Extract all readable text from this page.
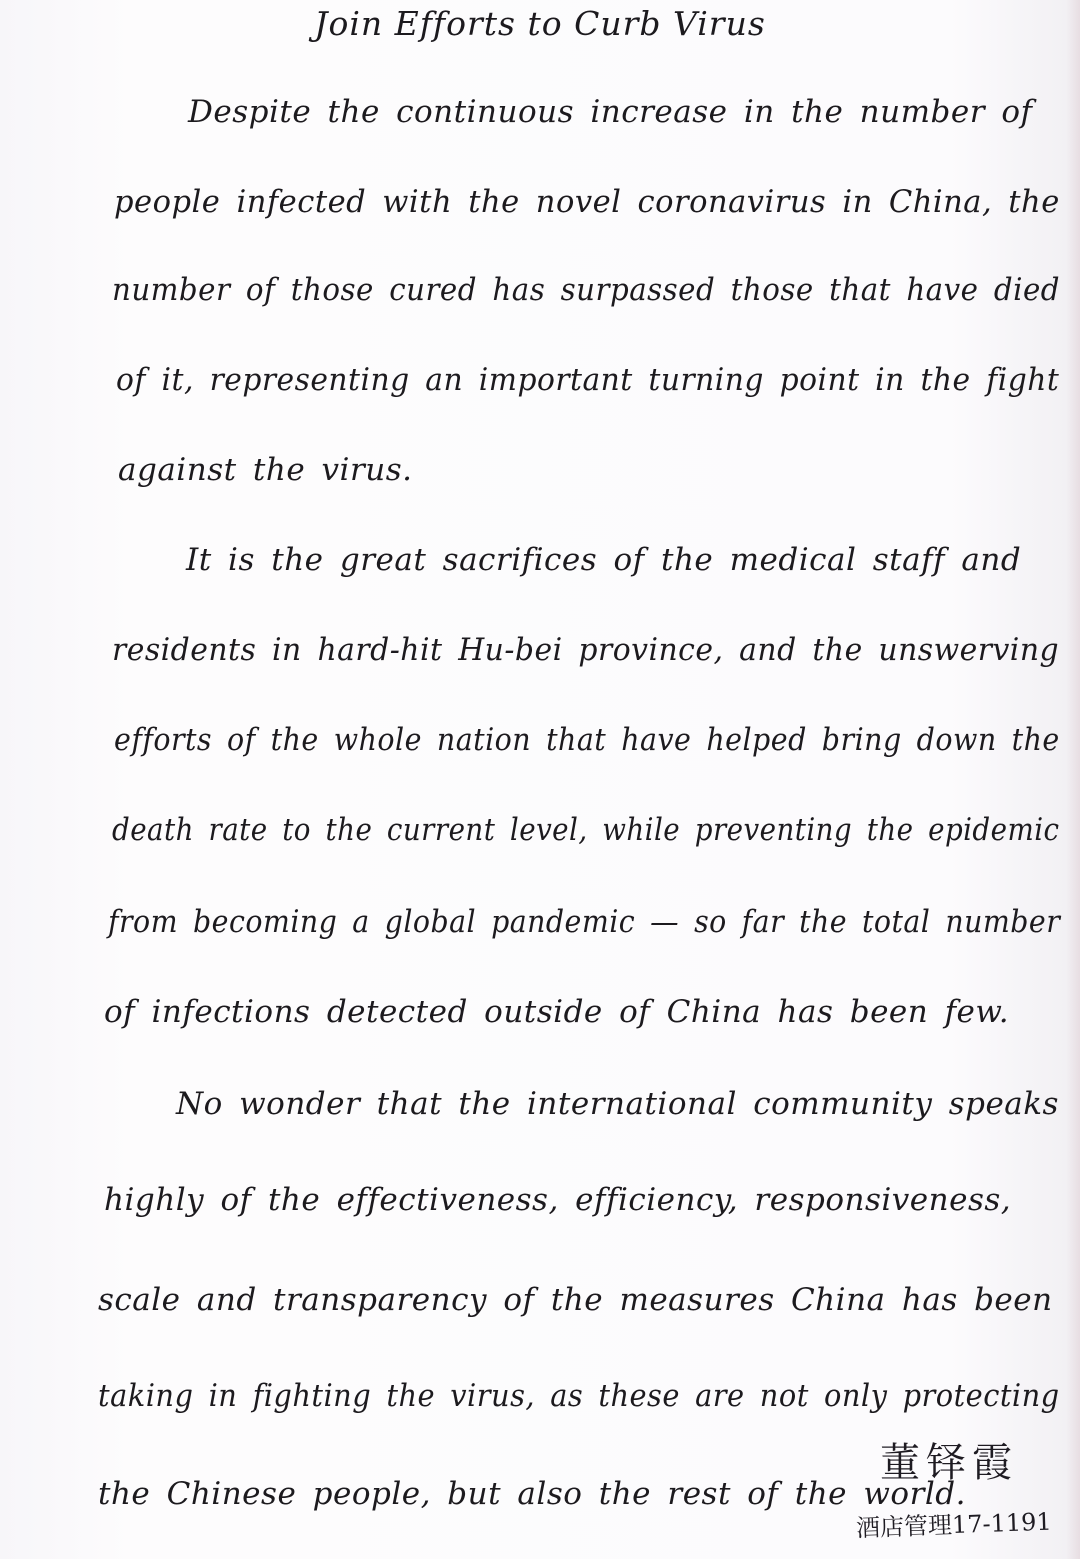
Join Efforts to Curb Virus
Despite the continuous increase in the number of
people infected with the novel coronavirus in China, the
number of those cured has surpassed those that have died
of it, representing an important turning point in the fight
against the virus.
It is the great sacrifices of the medical staff and
residents in hard-hit Hu-bei province, and the unswerving
efforts of the whole nation that have helped bring down the
death rate to the current level, while preventing the epidemic
from becoming a global pandemic — so far the total number
of infections detected outside of China has been few.
No wonder that the international community speaks
highly of the effectiveness, efficiency, responsiveness,
scale and transparency of the measures China has been
taking in fighting the virus, as these are not only protecting
the Chinese people, but also the rest of the world.
董铎霞
酒店管理17-1191
